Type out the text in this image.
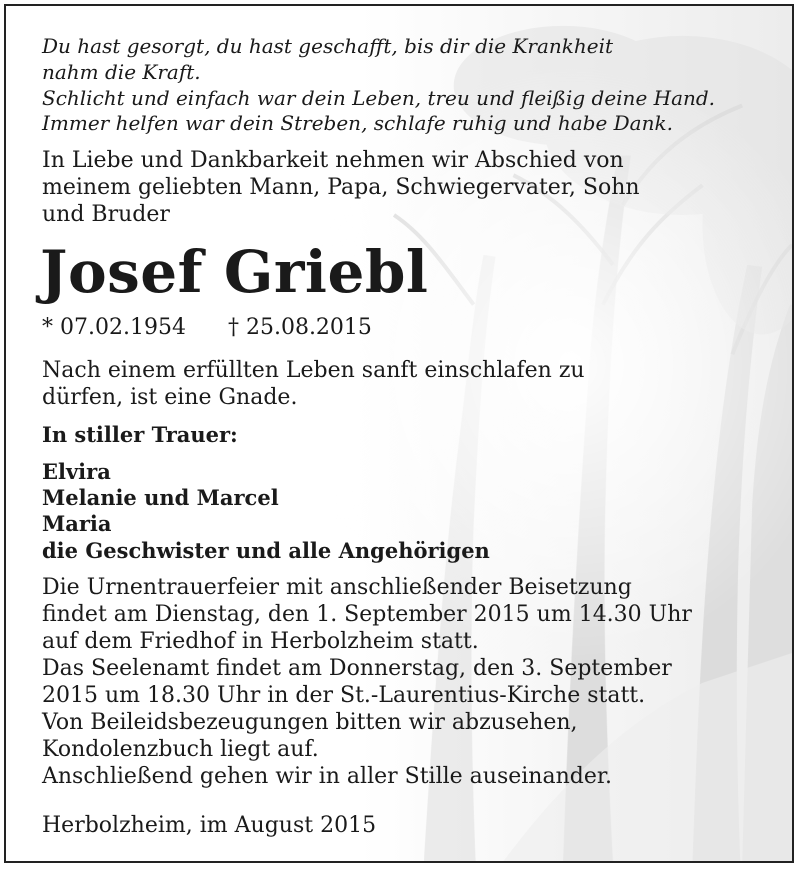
Du hast gesorgt, du hast geschafft, bis dir die Krankheit
nahm die Kraft.
Schlicht und einfach war dein Leben, treu und fleißig deine Hand.
Immer helfen war dein Streben, schlafe ruhig und habe Dank.
In Liebe und Dankbarkeit nehmen wir Abschied von
meinem geliebten Mann, Papa, Schwiegervater, Sohn
und Bruder
Josef Griebl
* 07.02.1954 † 25.08.2015
Nach einem erfüllten Leben sanft einschlafen zu
dürfen, ist eine Gnade.
In stiller Trauer:
Elvira
Melanie und Marcel
Maria
die Geschwister und alle Angehörigen
Die Urnentrauerfeier mit anschließender Beisetzung
findet am Dienstag, den 1. September 2015 um 14.30 Uhr
auf dem Friedhof in Herbolzheim statt.
Das Seelenamt findet am Donnerstag, den 3. September
2015 um 18.30 Uhr in der St.-Laurentius-Kirche statt.
Von Beileidsbezeugungen bitten wir abzusehen,
Kondolenzbuch liegt auf.
Anschließend gehen wir in aller Stille auseinander.
Herbolzheim, im August 2015
